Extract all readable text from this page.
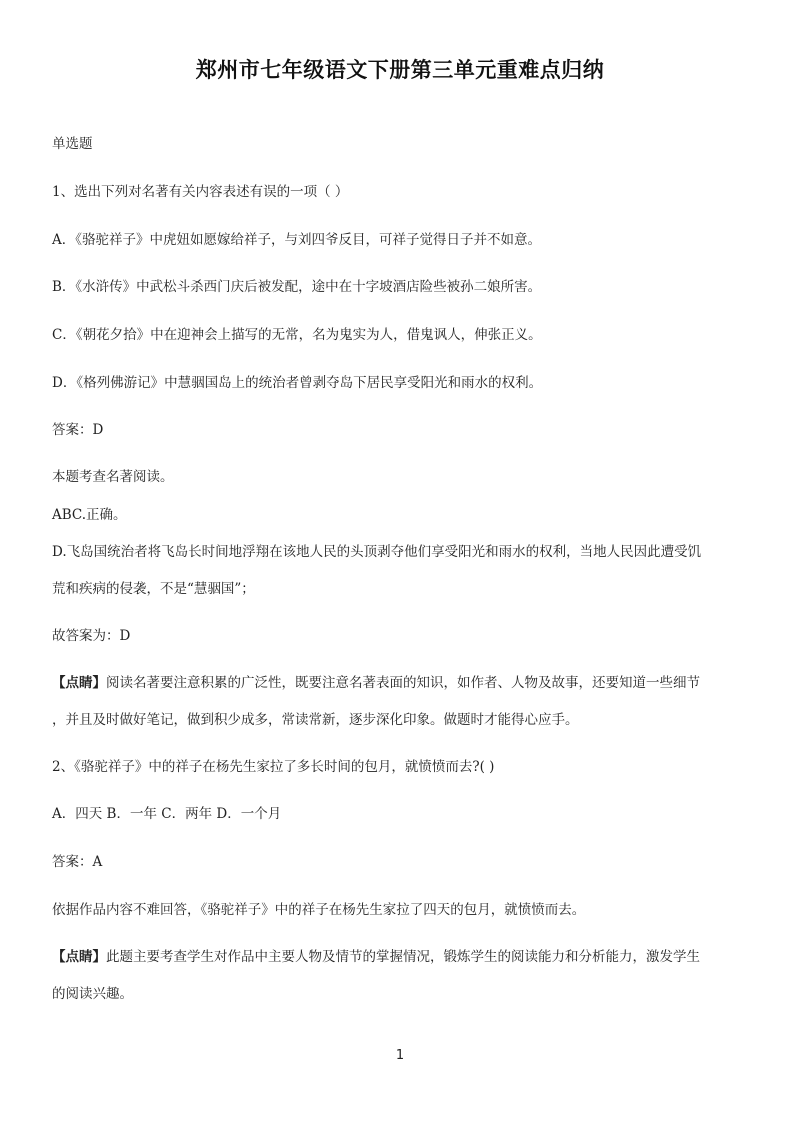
郑州市七年级语文下册第三单元重难点归纳
单选题
1、选出下列对名著有关内容表述有误的一项（ ）
A．《骆驼祥子》中虎妞如愿嫁给祥子，与刘四爷反目，可祥子觉得日子并不如意。
B．《水浒传》中武松斗杀西门庆后被发配，途中在十字坡酒店险些被孙二娘所害。
C．《朝花夕拾》中在迎神会上描写的无常，名为鬼实为人，借鬼讽人，伸张正义。
D．《格列佛游记》中慧骃国岛上的统治者曾剥夺岛下居民享受阳光和雨水的权利。
答案：D
本题考查名著阅读。
ABC.正确。
D.飞岛国统治者将飞岛长时间地浮翔在该地人民的头顶剥夺他们享受阳光和雨水的权利，当地人民因此遭受饥
荒和疾病的侵袭，不是“慧骃国”；
故答案为：D
【点睛】阅读名著要注意积累的广泛性，既要注意名著表面的知识，如作者、人物及故事，还要知道一些细节
，并且及时做好笔记，做到积少成多，常读常新，逐步深化印象。做题时才能得心应手。
2、《骆驼祥子》中的祥子在杨先生家拉了多长时间的包月，就愤愤而去?( )
A．四天 B．一年 C．两年 D．一个月
答案：A
依据作品内容不难回答，《骆驼祥子》中的祥子在杨先生家拉了四天的包月，就愤愤而去。
【点睛】此题主要考查学生对作品中主要人物及情节的掌握情况，锻炼学生的阅读能力和分析能力，激发学生
的阅读兴趣。
1
